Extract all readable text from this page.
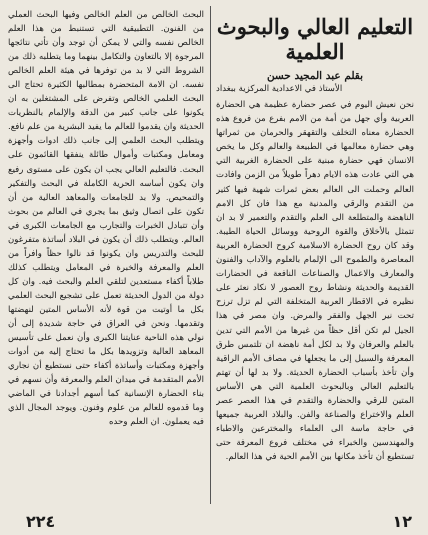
التعليم العالي والبحوث العلمية
بقلم عبد المجيد حسن
الأستاذ في الاعدادية المركزية ببغداد
نحن نعيش اليوم في عصر حضارة عظيمة هي الحضارة العربية وأي جهل من أمة من الامم بفرع من فروع هذه الحضارة معناه التخلف والتقهقر والحرمان من ثمراتها وهي حضارة معالمها في الطبيعة والعالم وكل ما يخص الانسان فهي حضارة مبنية على الحضارة الغربية التي هي التي عادت هذه الايام دهراً طويلاً من الزمن وافادت العالم وحملت الى العالم بعض ثمرات شهية فيها كثير من التقدم والرقي والمدنية مع هذا فان كل الامم الناهضة والمتطلعة الى العلم والتقدم والتعمير لا بد ان تتمثل بالأخلاق والقوة الروحية ووسائل الحياة الطيبة. وقد كان روح الحضارة الاسلامية كروح الحضارة العربية المعاصرة والطموح الى الإلمام بالعلوم والآداب والفنون والمعارف والاعمال والصناعات النافعة في الحضارات القديمة والحديثة ونشاط روح العصور لا نكاد نعثر على نظيره في الاقطار العربية المتخلفة التي لم تزل ترزح تحت نير الجهل والفقر والمرض. وان مصر في هذا الجيل لم تكن أقل حظاً من غيرها من الأمم التي تدين بالعلم والعرفان ولا بد لكل أمة ناهضة ان تلتمس طرق المعرفة والسبيل إلى ما يجعلها في مصاف الأمم الراقية وأن تأخذ بأسباب الحضارة الحديثة. ولا بد لها أن تهتم بالتعليم العالي وبالبحوث العلمية التي هي الأساس المتين للرقي والحضارة والتقدم في هذا العصر عصر العلم والاختراع والصناعة والفن. والبلاد العربية جميعها في حاجة ماسة الى العلماء والمخترعين والاطباء والمهندسين والخبراء في مختلف فروع المعرفة حتى تستطيع أن تأخذ مكانها بين الأمم الحية في هذا العالم.
البحث الخالص من العلم الخالص وفيها البحث العملي من الفنون. التطبيقية التي تستنبط من هذا العلم الخالص نفسه والتي لا يمكن أن توجد وأن تأتي نتائجها المرجوة إلا بالتعاون والتكامل بينهما وما يتطلبه ذلك من الشروط التي لا بد من توفرها في هيئة العلم الخالص نفسه. ان الامة المتحضرة بمطالبها الكثيرة تحتاج الى البحث العلمي الخالص وتفرض على المشتغلين به ان يكونوا على جانب كبير من الدقة والإلمام بالنظريات الحديثة وان يقدموا للعالم ما يفيد البشرية من علم نافع. ويتطلب البحث العلمي إلى جانب ذلك ادوات وأجهزة ومعامل ومكتبات وأموال طائلة ينفقها القائمون على البحث. فالتعليم العالي يجب ان يكون على مستوى رفيع وان يكون أساسه الحرية الكاملة في البحث والتفكير والتمحيص. ولا بد للجامعات والمعاهد العالية من أن تكون على اتصال وثيق بما يجري في العالم من بحوث وأن تتبادل الخبرات والتجارب مع الجامعات الكبرى في العالم. ويتطلب ذلك أن يكون في البلاد أساتذة متفرغون للبحث والتدريس وان يكونوا قد نالوا حظاً وافراً من العلم والمعرفة والخبرة في المعامل ويتطلب كذلك طلاباً أكفاء مستعدين لتلقي العلم والبحث فيه. وان كل دولة من الدول الحديثة تعمل على تشجيع البحث العلمي بكل ما أوتيت من قوة لأنه الأساس المتين لنهضتها وتقدمها. ونحن في العراق في حاجة شديدة إلى أن نولي هذه الناحية عنايتنا الكبرى وأن نعمل على تأسيس المعاهد العالية وتزويدها بكل ما تحتاج إليه من أدوات وأجهزة ومكتبات وأساتذة أكفاء حتى نستطيع أن نجاري الأمم المتقدمة في ميدان العلم والمعرفة وأن نسهم في بناء الحضارة الإنسانية كما أسهم أجدادنا في الماضي وما قدموه للعالم من علوم وفنون. ويوجد المجال الذي فيه يعملون. ان العلم وحده
١٢
٢٢٤
